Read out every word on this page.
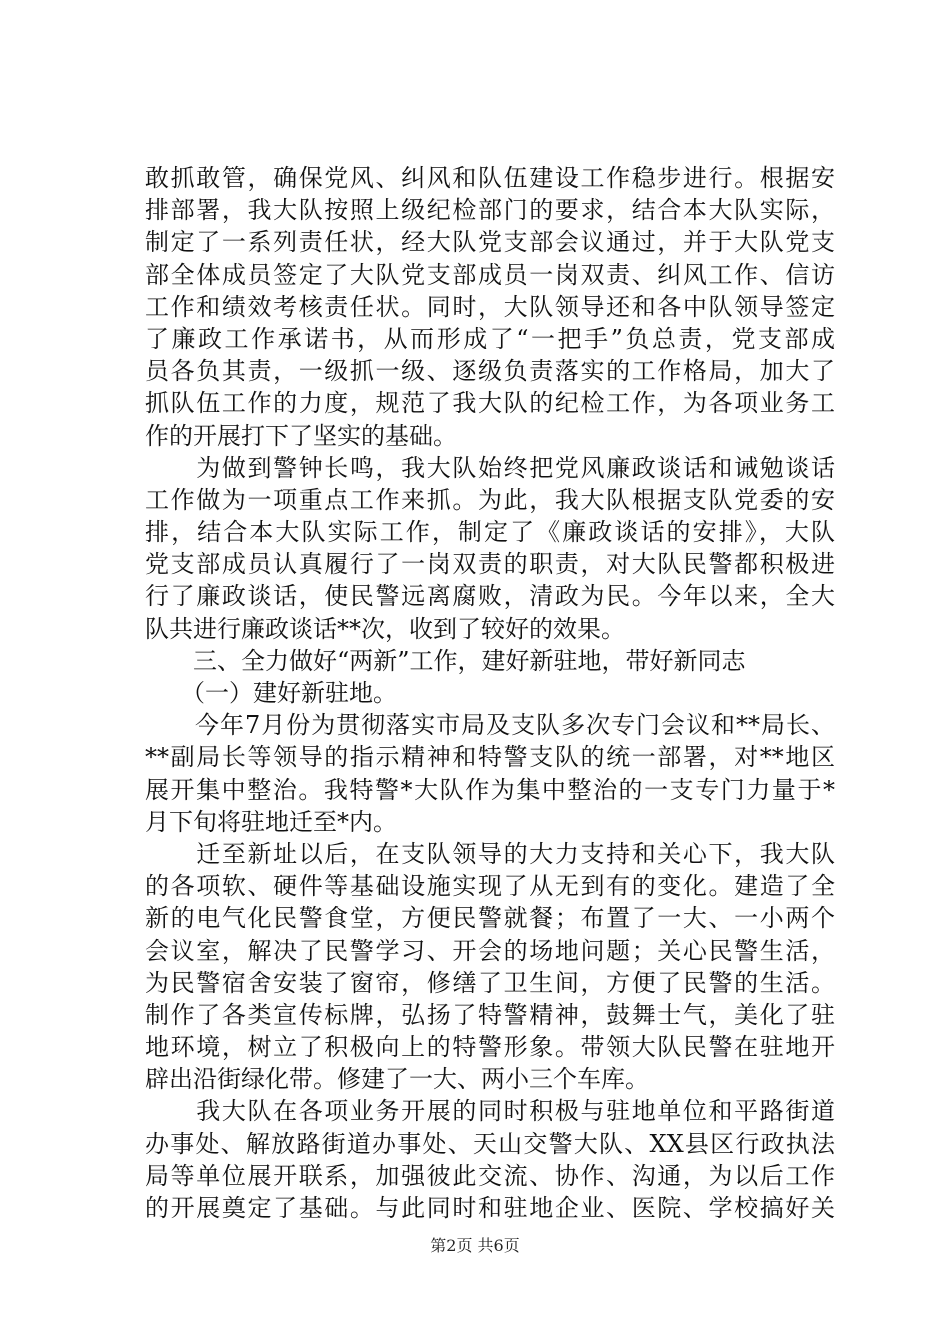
敢抓敢管，确保党风、纠风和队伍建设工作稳步进行。根据安
排部署，我大队按照上级纪检部门的要求，结合本大队实际，
制定了一系列责任状，经大队党支部会议通过，并于大队党支
部全体成员签定了大队党支部成员一岗双责、纠风工作、信访
工作和绩效考核责任状。同时，大队领导还和各中队领导签定
了廉政工作承诺书，从而形成了“一把手”负总责，党支部成
员各负其责，一级抓一级、逐级负责落实的工作格局，加大了
抓队伍工作的力度，规范了我大队的纪检工作，为各项业务工
作的开展打下了坚实的基础。
　　为做到警钟长鸣，我大队始终把党风廉政谈话和诫勉谈话
工作做为一项重点工作来抓。为此，我大队根据支队党委的安
排，结合本大队实际工作，制定了《廉政谈话的安排》，大队
党支部成员认真履行了一岗双责的职责，对大队民警都积极进
行了廉政谈话，使民警远离腐败，清政为民。今年以来，全大
队共进行廉政谈话**次，收到了较好的效果。
　　三、全力做好“两新”工作，建好新驻地，带好新同志
　　（一）建好新驻地。
　　今年7月份为贯彻落实市局及支队多次专门会议和**局长、
**副局长等领导的指示精神和特警支队的统一部署，对**地区
展开集中整治。我特警*大队作为集中整治的一支专门力量于*
月下旬将驻地迁至*内。
　　迁至新址以后，在支队领导的大力支持和关心下，我大队
的各项软、硬件等基础设施实现了从无到有的变化。建造了全
新的电气化民警食堂，方便民警就餐；布置了一大、一小两个
会议室，解决了民警学习、开会的场地问题；关心民警生活，
为民警宿舍安装了窗帘，修缮了卫生间，方便了民警的生活。
制作了各类宣传标牌，弘扬了特警精神，鼓舞士气，美化了驻
地环境，树立了积极向上的特警形象。带领大队民警在驻地开
辟出沿街绿化带。修建了一大、两小三个车库。
　　我大队在各项业务开展的同时积极与驻地单位和平路街道
办事处、解放路街道办事处、天山交警大队、XX县区行政执法
局等单位展开联系，加强彼此交流、协作、沟通，为以后工作
的开展奠定了基础。与此同时和驻地企业、医院、学校搞好关
第2页 共6页
